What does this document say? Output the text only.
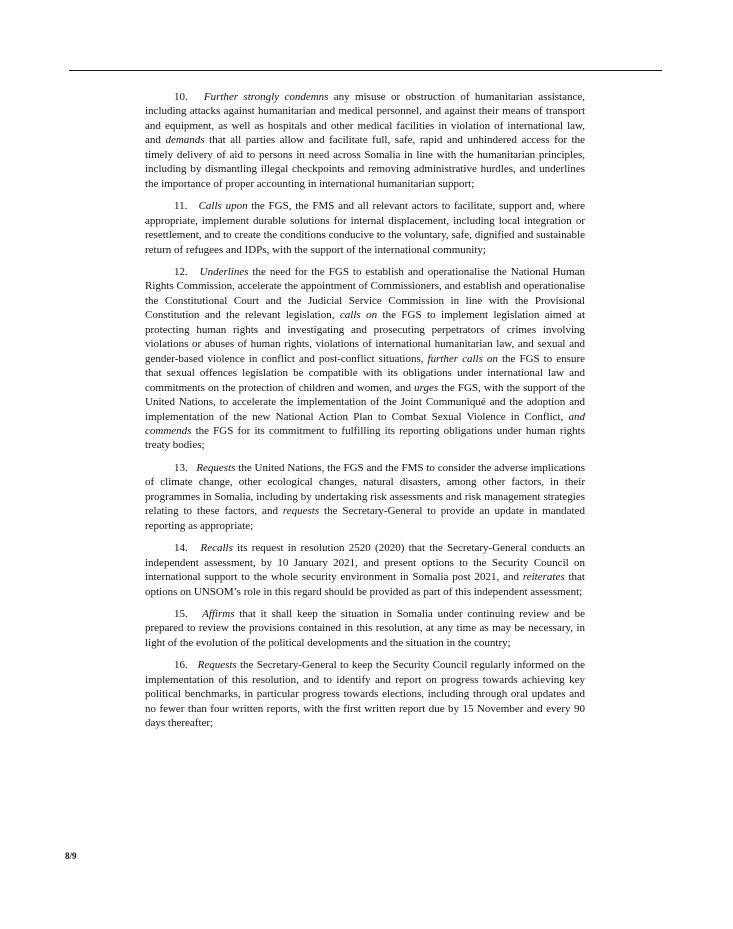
10. Further strongly condemns any misuse or obstruction of humanitarian assistance, including attacks against humanitarian and medical personnel, and against their means of transport and equipment, as well as hospitals and other medical facilities in violation of international law, and demands that all parties allow and facilitate full, safe, rapid and unhindered access for the timely delivery of aid to persons in need across Somalia in line with the humanitarian principles, including by dismantling illegal checkpoints and removing administrative hurdles, and underlines the importance of proper accounting in international humanitarian support;

11. Calls upon the FGS, the FMS and all relevant actors to facilitate, support and, where appropriate, implement durable solutions for internal displacement, including local integration or resettlement, and to create the conditions conducive to the voluntary, safe, dignified and sustainable return of refugees and IDPs, with the support of the international community;

12. Underlines the need for the FGS to establish and operationalise the National Human Rights Commission, accelerate the appointment of Commissioners, and establish and operationalise the Constitutional Court and the Judicial Service Commission in line with the Provisional Constitution and the relevant legislation, calls on the FGS to implement legislation aimed at protecting human rights and investigating and prosecuting perpetrators of crimes involving violations or abuses of human rights, violations of international humanitarian law, and sexual and gender-based violence in conflict and post-conflict situations, further calls on the FGS to ensure that sexual offences legislation be compatible with its obligations under international law and commitments on the protection of children and women, and urges the FGS, with the support of the United Nations, to accelerate the implementation of the Joint Communiqué and the adoption and implementation of the new National Action Plan to Combat Sexual Violence in Conflict, and commends the FGS for its commitment to fulfilling its reporting obligations under human rights treaty bodies;

13. Requests the United Nations, the FGS and the FMS to consider the adverse implications of climate change, other ecological changes, natural disasters, among other factors, in their programmes in Somalia, including by undertaking risk assessments and risk management strategies relating to these factors, and requests the Secretary-General to provide an update in mandated reporting as appropriate;

14. Recalls its request in resolution 2520 (2020) that the Secretary-General conducts an independent assessment, by 10 January 2021, and present options to the Security Council on international support to the whole security environment in Somalia post 2021, and reiterates that options on UNSOM’s role in this regard should be provided as part of this independent assessment;

15. Affirms that it shall keep the situation in Somalia under continuing review and be prepared to review the provisions contained in this resolution, at any time as may be necessary, in light of the evolution of the political developments and the situation in the country;

16. Requests the Secretary-General to keep the Security Council regularly informed on the implementation of this resolution, and to identify and report on progress towards achieving key political benchmarks, in particular progress towards elections, including through oral updates and no fewer than four written reports, with the first written report due by 15 November and every 90 days thereafter;

8/9
